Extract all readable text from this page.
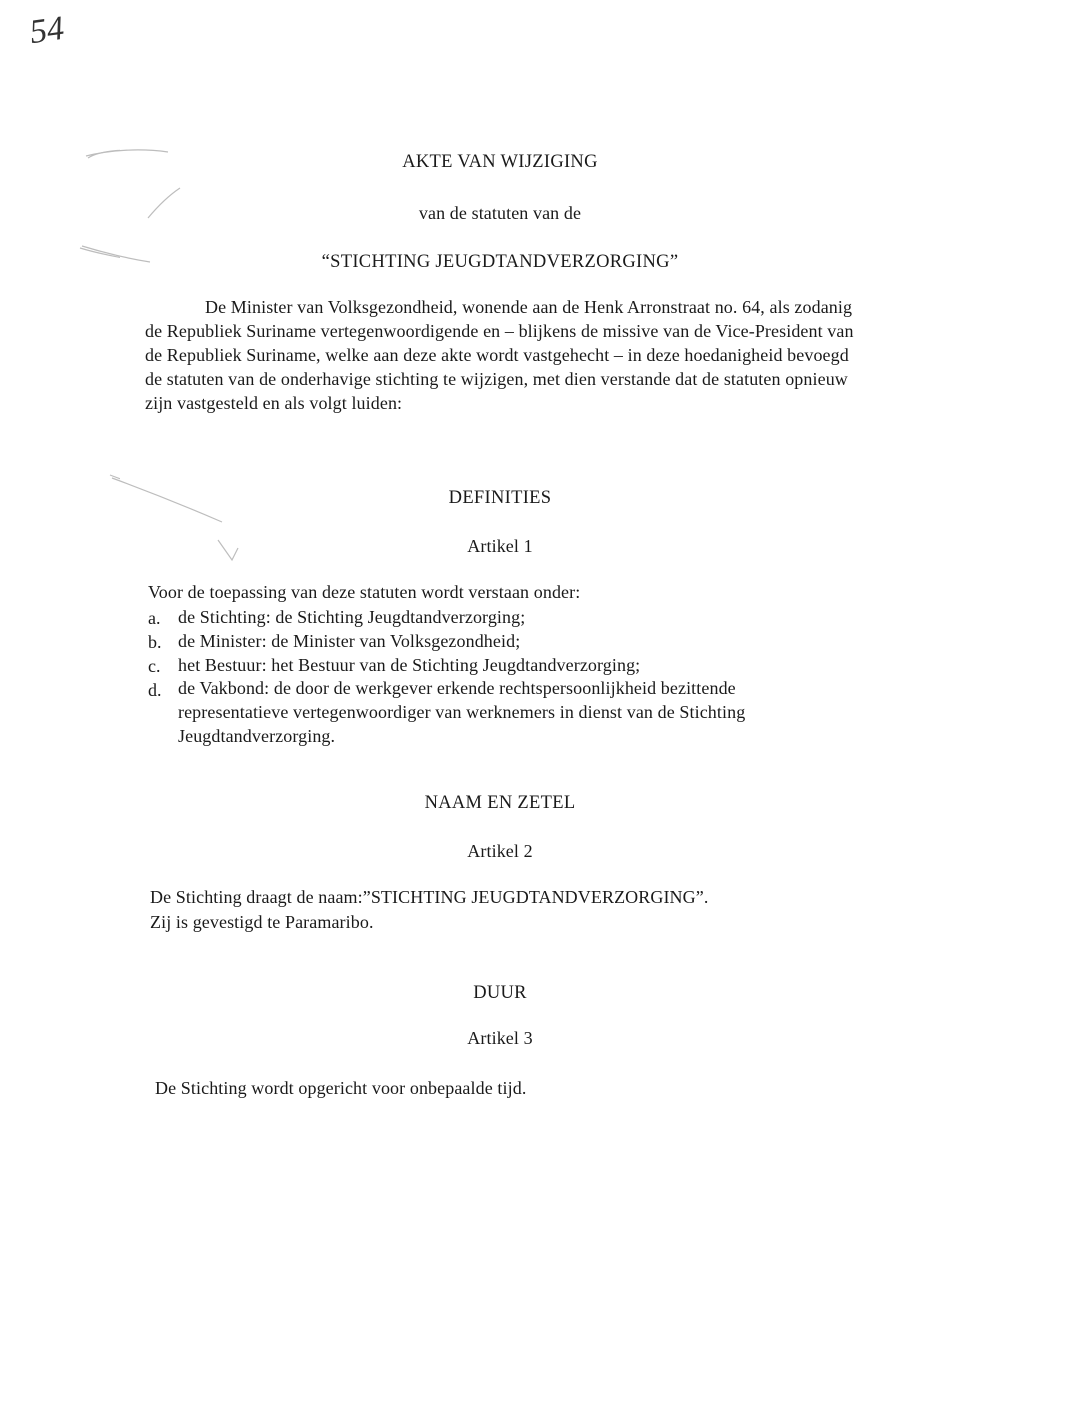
54
AKTE VAN WIJZIGING
van de statuten van de
“STICHTING JEUGDTANDVERZORGING”
De Minister van Volksgezondheid, wonende aan de Henk Arronstraat no. 64, als zodanig
de Republiek Suriname vertegenwoordigende en – blijkens de missive van de Vice-President van
de Republiek Suriname, welke aan deze akte wordt vastgehecht – in deze hoedanigheid bevoegd
de statuten van de onderhavige stichting te wijzigen, met dien verstande dat de statuten opnieuw
zijn vastgesteld en als volgt luiden:
DEFINITIES
Artikel 1
Voor de toepassing van deze statuten wordt verstaan onder:
a. de Stichting: de Stichting Jeugdtandverzorging;
b. de Minister: de Minister van Volksgezondheid;
c. het Bestuur: het Bestuur van de Stichting Jeugdtandverzorging;
d. de Vakbond: de door de werkgever erkende rechtspersoonlijkheid bezittende
representatieve vertegenwoordiger van werknemers in dienst van de Stichting
Jeugdtandverzorging.
NAAM EN ZETEL
Artikel 2
De Stichting draagt de naam:”STICHTING JEUGDTANDVERZORGING”.
Zij is gevestigd te Paramaribo.
DUUR
Artikel 3
De Stichting wordt opgericht voor onbepaalde tijd.
